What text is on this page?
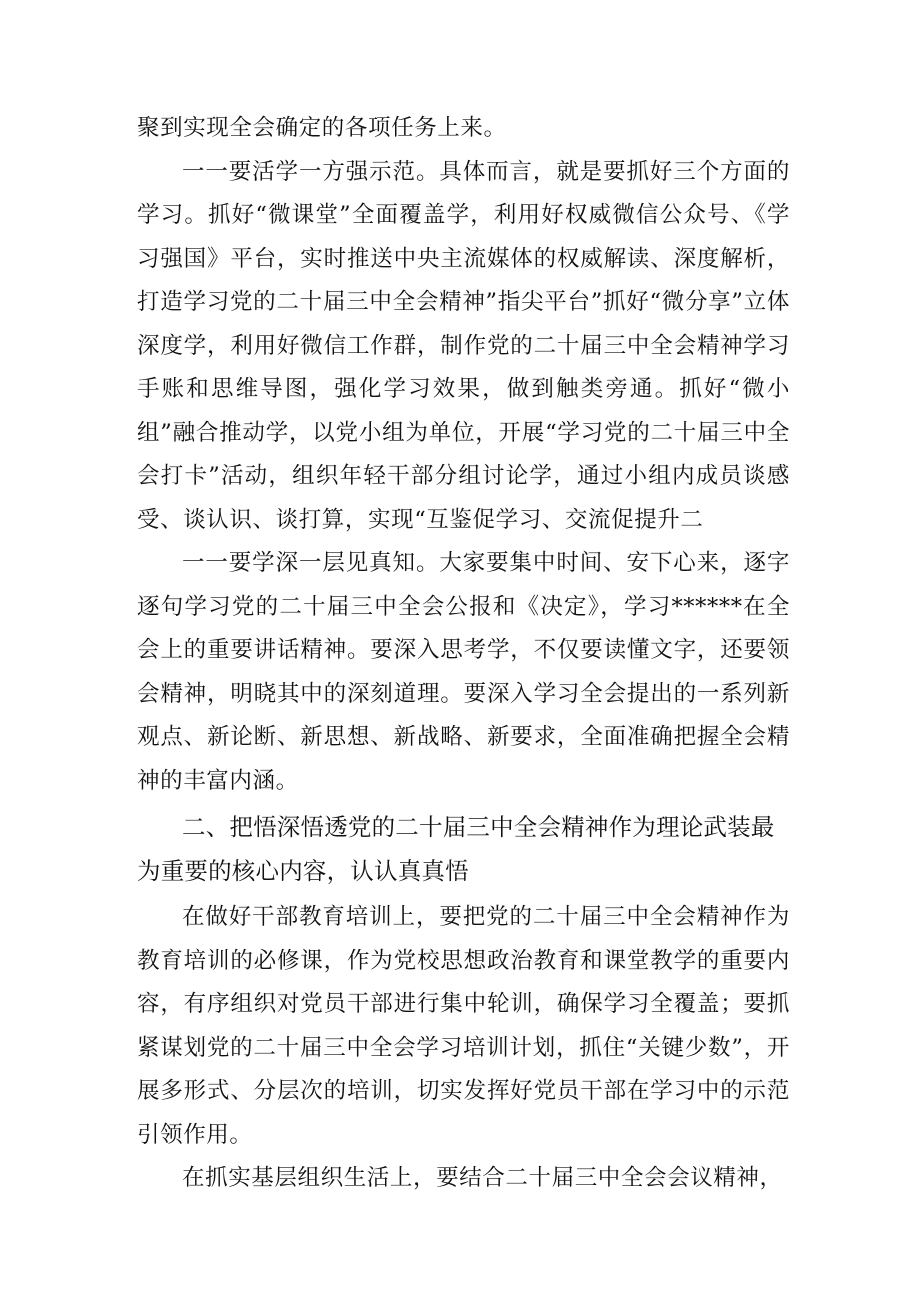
聚到实现全会确定的各项任务上来。

一一要活学一方强示范。具体而言，就是要抓好三个方面的学习。抓好“微课堂”全面覆盖学，利用好权威微信公众号、《学习强国》平台，实时推送中央主流媒体的权威解读、深度解析，打造学习党的二十届三中全会精神”指尖平台”抓好“微分享”立体深度学，利用好微信工作群，制作党的二十届三中全会精神学习手账和思维导图，强化学习效果，做到触类旁通。抓好“微小组”融合推动学，以党小组为单位，开展“学习党的二十届三中全会打卡”活动，组织年轻干部分组讨论学，通过小组内成员谈感受、谈认识、谈打算，实现“互鉴促学习、交流促提升二

一一要学深一层见真知。大家要集中时间、安下心来，逐字逐句学习党的二十届三中全会公报和《决定》，学习******在全会上的重要讲话精神。要深入思考学，不仅要读懂文字，还要领会精神，明晓其中的深刻道理。要深入学习全会提出的一系列新观点、新论断、新思想、新战略、新要求，全面准确把握全会精神的丰富内涵。

二、把悟深悟透党的二十届三中全会精神作为理论武装最为重要的核心内容，认认真真悟

在做好干部教育培训上，要把党的二十届三中全会精神作为教育培训的必修课，作为党校思想政治教育和课堂教学的重要内容，有序组织对党员干部进行集中轮训，确保学习全覆盖；要抓紧谋划党的二十届三中全会学习培训计划，抓住“关键少数”，开展多形式、分层次的培训，切实发挥好党员干部在学习中的示范引领作用。

在抓实基层组织生活上，要结合二十届三中全会会议精神，
